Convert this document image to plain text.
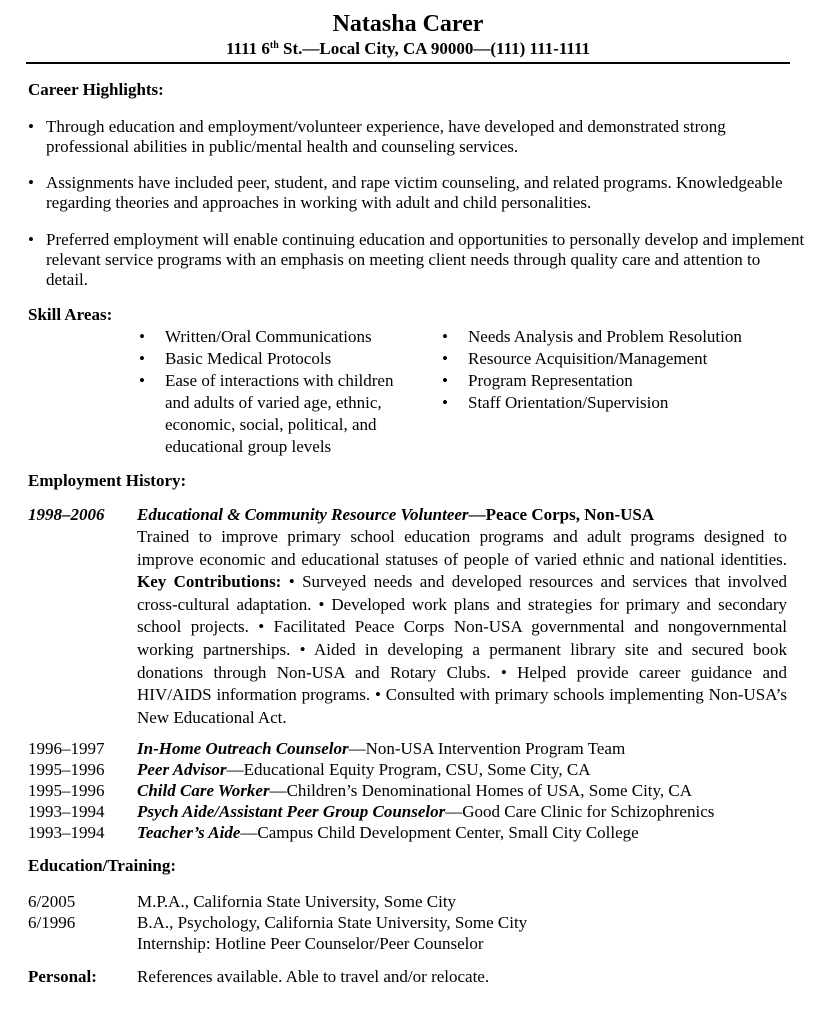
Natasha Carer
1111 6th St.—Local City, CA 90000—(111) 111-1111
Career Highlights:
• Through education and employment/volunteer experience, have developed and demonstrated strong professional abilities in public/mental health and counseling services.
• Assignments have included peer, student, and rape victim counseling, and related programs. Knowledgeable regarding theories and approaches in working with adult and child personalities.
• Preferred employment will enable continuing education and opportunities to personally develop and implement relevant service programs with an emphasis on meeting client needs through quality care and attention to detail.
Skill Areas:
• Written/Oral Communications
• Basic Medical Protocols
• Ease of interactions with children and adults of varied age, ethnic, economic, social, political, and educational group levels
• Needs Analysis and Problem Resolution
• Resource Acquisition/Management
• Program Representation
• Staff Orientation/Supervision
Employment History:
1998–2006 Educational & Community Resource Volunteer—Peace Corps, Non-USA
Trained to improve primary school education programs and adult programs designed to improve economic and educational statuses of people of varied ethnic and national identities. Key Contributions: • Surveyed needs and developed resources and services that involved cross-cultural adaptation. • Developed work plans and strategies for primary and secondary school projects. • Facilitated Peace Corps Non-USA governmental and nongovernmental working partnerships. • Aided in developing a permanent library site and secured book donations through Non-USA and Rotary Clubs. • Helped provide career guidance and HIV/AIDS information programs. • Consulted with primary schools implementing Non-USA’s New Educational Act.
1996–1997 In-Home Outreach Counselor—Non-USA Intervention Program Team
1995–1996 Peer Advisor—Educational Equity Program, CSU, Some City, CA
1995–1996 Child Care Worker—Children’s Denominational Homes of USA, Some City, CA
1993–1994 Psych Aide/Assistant Peer Group Counselor—Good Care Clinic for Schizophrenics
1993–1994 Teacher’s Aide—Campus Child Development Center, Small City College
Education/Training:
6/2005	M.P.A., California State University, Some City
6/1996	B.A., Psychology, California State University, Some City
Internship: Hotline Peer Counselor/Peer Counselor
Personal: References available. Able to travel and/or relocate.
